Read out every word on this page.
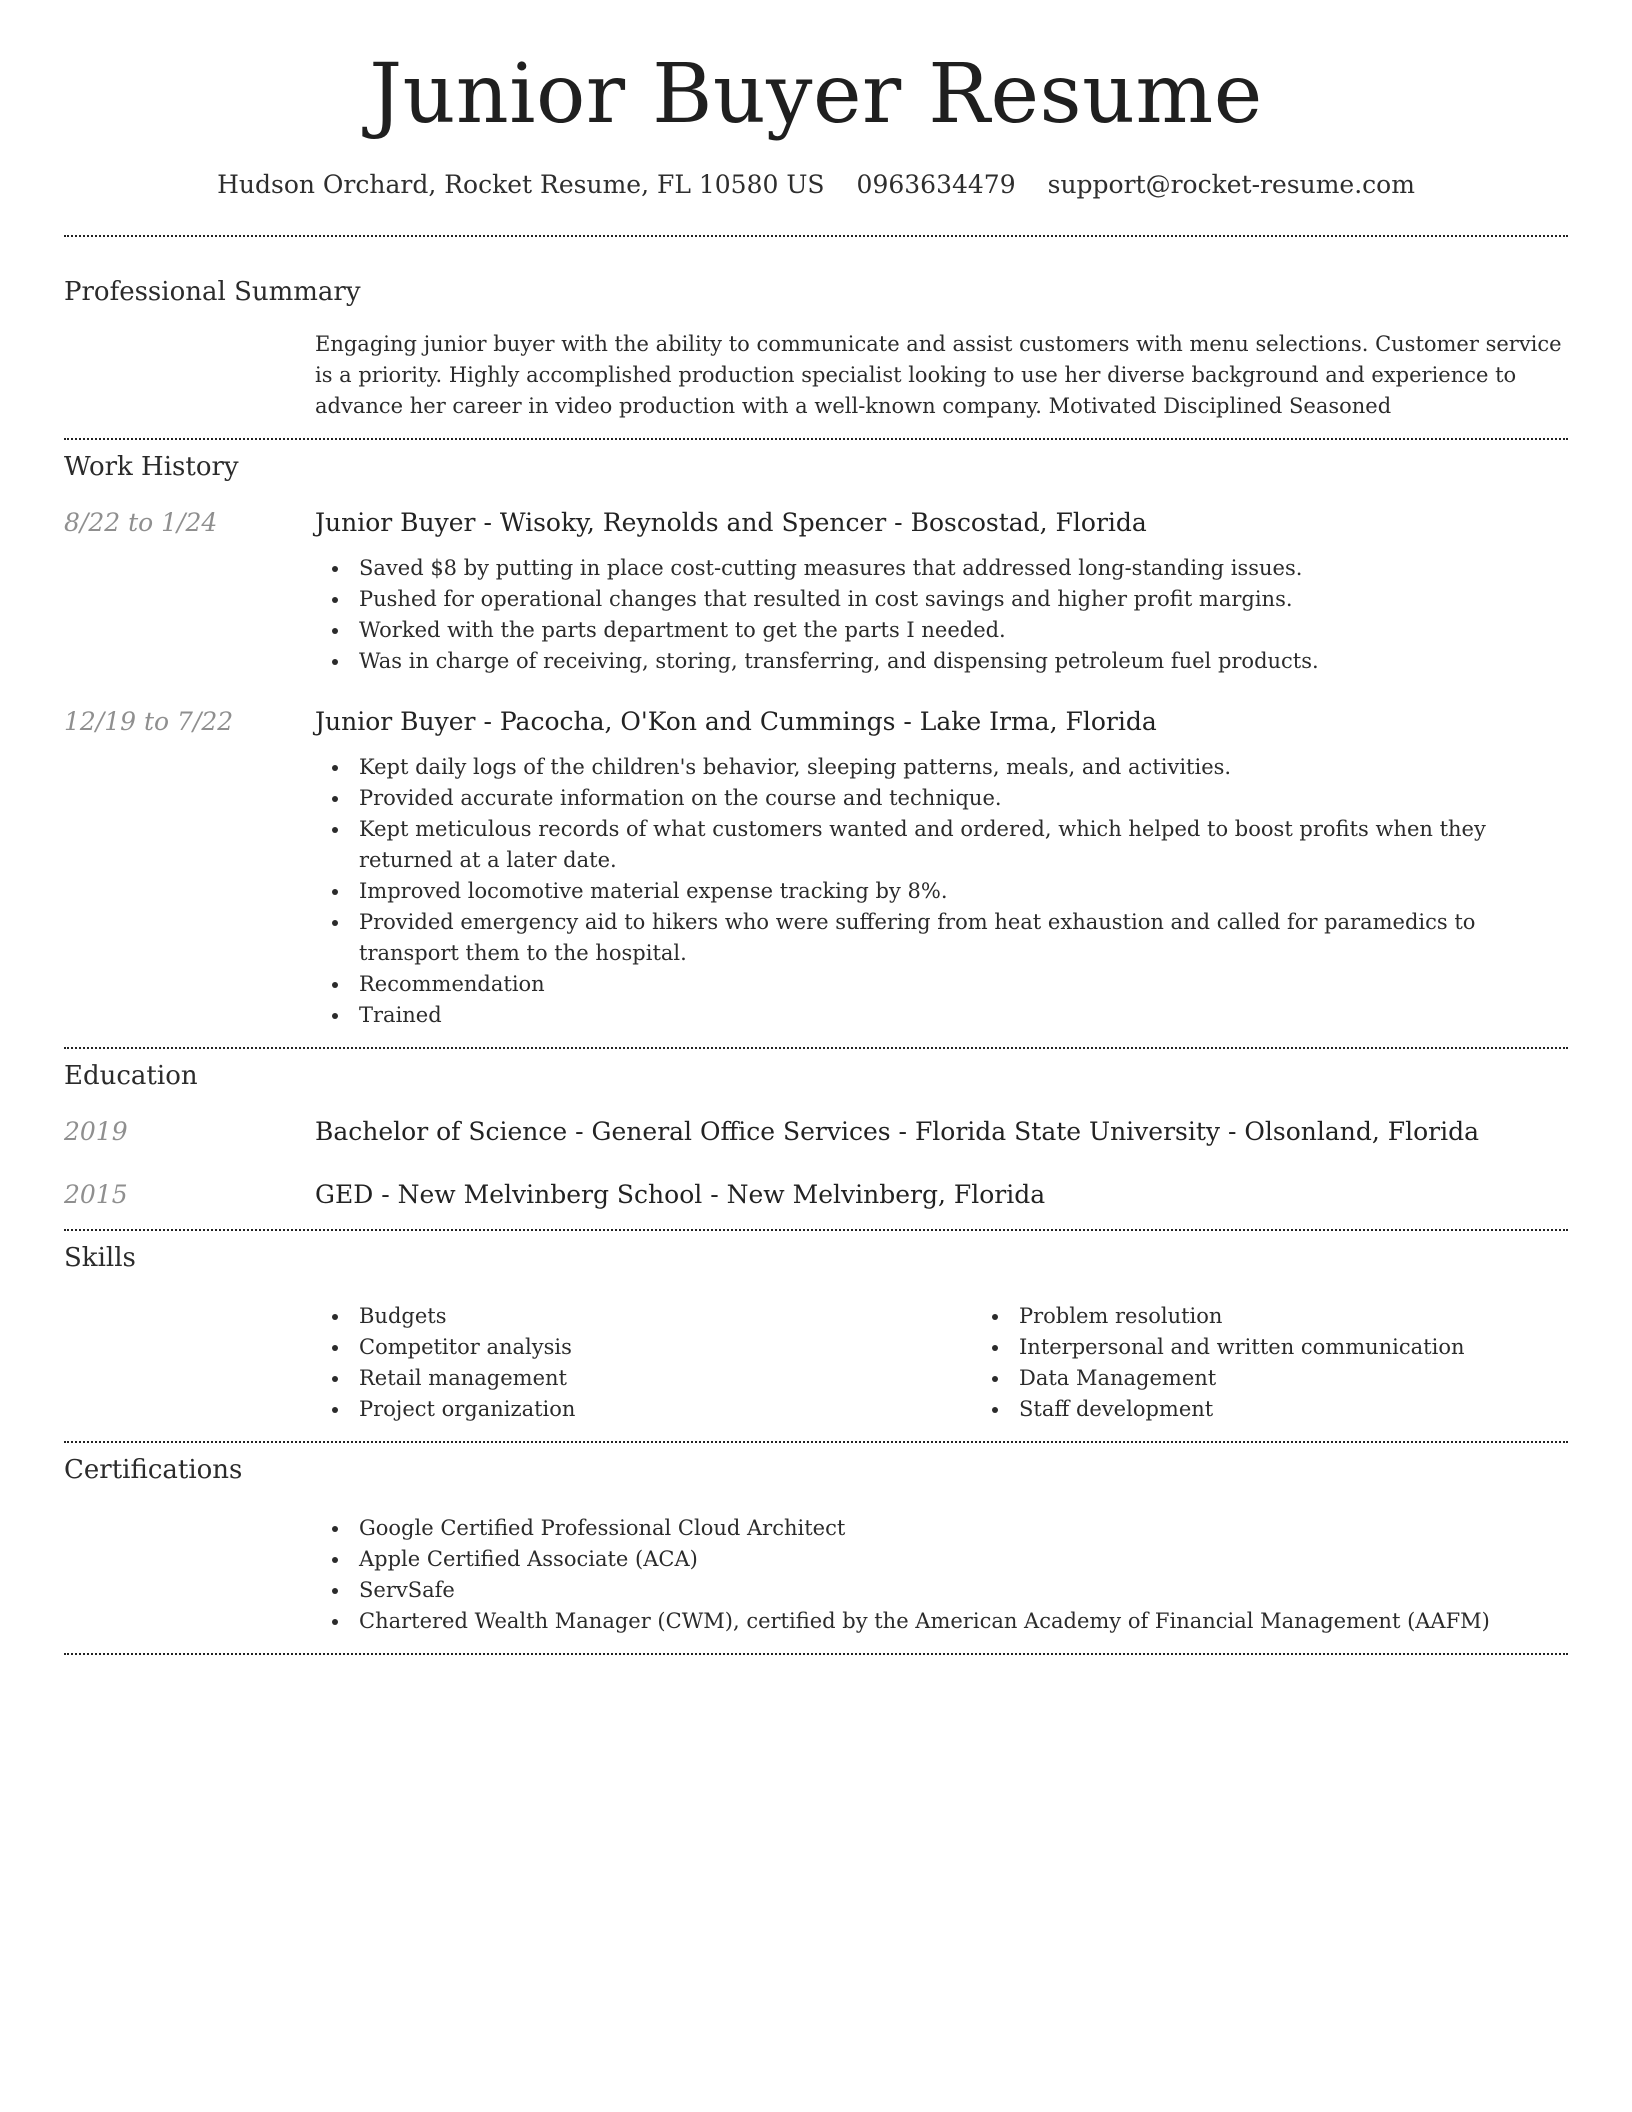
Junior Buyer Resume
Hudson Orchard, Rocket Resume, FL 10580 US 0963634479 support@rocket-resume.com
Professional Summary
Engaging junior buyer with the ability to communicate and assist customers with menu selections. Customer service is a priority. Highly accomplished production specialist looking to use her diverse background and experience to advance her career in video production with a well-known company. Motivated Disciplined Seasoned
Work History
8/22 to 1/24	Junior Buyer - Wisoky, Reynolds and Spencer - Boscostad, Florida
Saved $8 by putting in place cost-cutting measures that addressed long-standing issues.
Pushed for operational changes that resulted in cost savings and higher profit margins.
Worked with the parts department to get the parts I needed.
Was in charge of receiving, storing, transferring, and dispensing petroleum fuel products.
12/19 to 7/22	Junior Buyer - Pacocha, O'Kon and Cummings - Lake Irma, Florida
Kept daily logs of the children's behavior, sleeping patterns, meals, and activities.
Provided accurate information on the course and technique.
Kept meticulous records of what customers wanted and ordered, which helped to boost profits when they returned at a later date.
Improved locomotive material expense tracking by 8%.
Provided emergency aid to hikers who were suffering from heat exhaustion and called for paramedics to transport them to the hospital.
Recommendation
Trained
Education
2019	Bachelor of Science - General Office Services - Florida State University - Olsonland, Florida
2015	GED - New Melvinberg School - New Melvinberg, Florida
Skills
Budgets
Competitor analysis
Retail management
Project organization
Problem resolution
Interpersonal and written communication
Data Management
Staff development
Certifications
Google Certified Professional Cloud Architect
Apple Certified Associate (ACA)
ServSafe
Chartered Wealth Manager (CWM), certified by the American Academy of Financial Management (AAFM)
